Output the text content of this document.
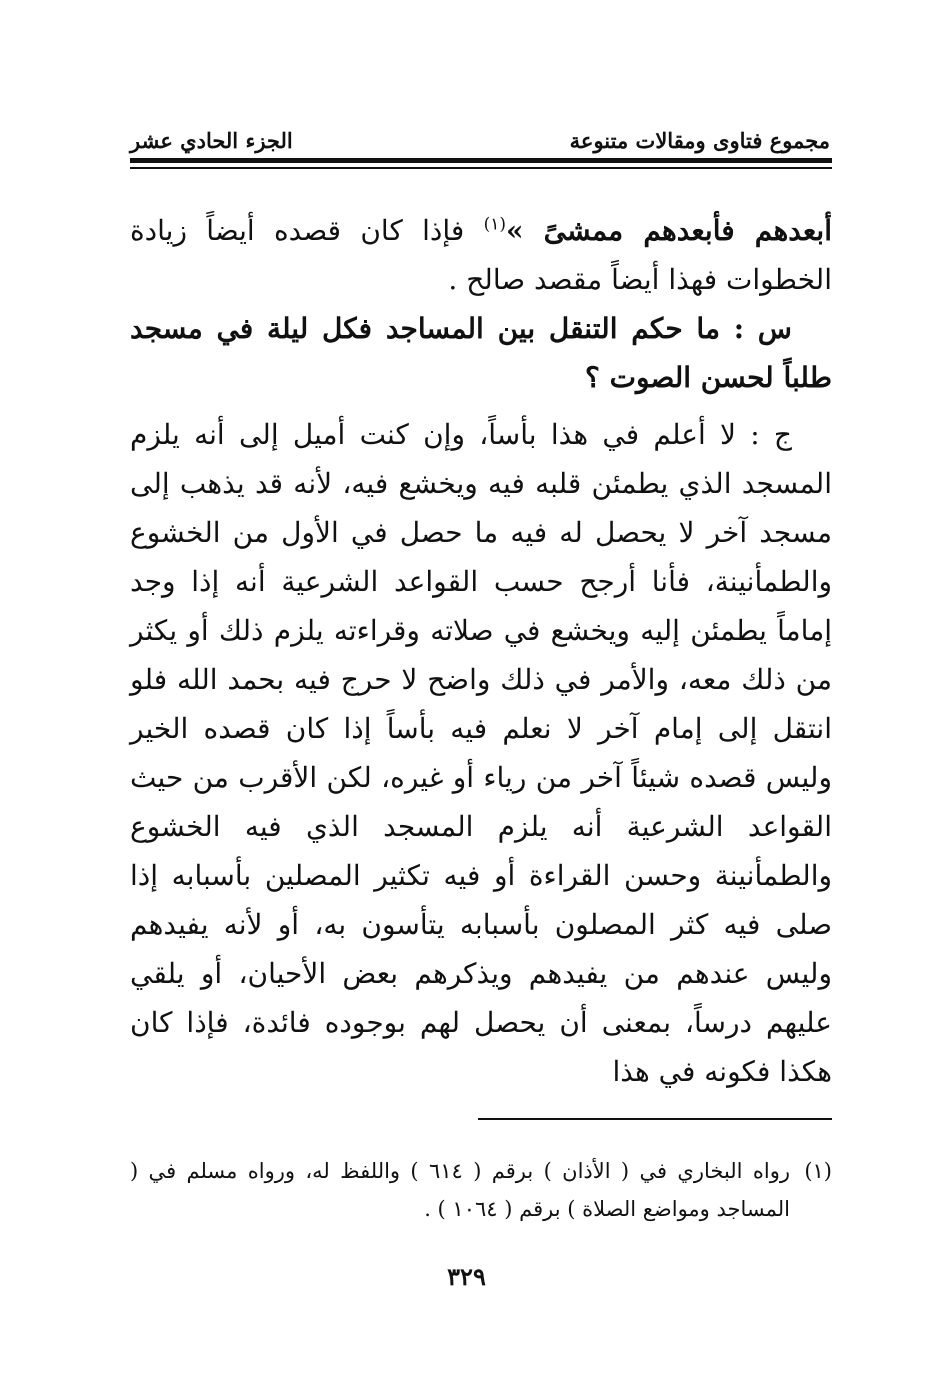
مجموع فتاوى ومقالات متنوعة
الجزء الحادي عشر

أبعدهم فأبعدهم ممشىً »$^{(١)}$ فإذا كان قصده أيضاً زيادة الخطوات فهذا أيضاً مقصد صالح .

س : ما حكم التنقل بين المساجد فكل ليلة في مسجد طلباً لحسن الصوت ؟

ج : لا أعلم في هذا بأساً، وإن كنت أميل إلى أنه يلزم المسجد الذي يطمئن قلبه فيه ويخشع فيه، لأنه قد يذهب إلى مسجد آخر لا يحصل له فيه ما حصل في الأول من الخشوع والطمأنينة، فأنا أرجح حسب القواعد الشرعية أنه إذا وجد إماماً يطمئن إليه ويخشع في صلاته وقراءته يلزم ذلك أو يكثر من ذلك معه، والأمر في ذلك واضح لا حرج فيه بحمد الله فلو انتقل إلى إمام آخر لا نعلم فيه بأساً إذا كان قصده الخير وليس قصده شيئاً آخر من رياء أو غيره، لكن الأقرب من حيث القواعد الشرعية أنه يلزم المسجد الذي فيه الخشوع والطمأنينة وحسن القراءة أو فيه تكثير المصلين بأسبابه إذا صلى فيه كثر المصلون بأسبابه يتأسون به، أو لأنه يفيدهم وليس عندهم من يفيدهم ويذكرهم بعض الأحيان، أو يلقي عليهم درساً، بمعنى أن يحصل لهم بوجوده فائدة، فإذا كان هكذا فكونه في هذا

(١)
رواه البخاري في ( الأذان ) برقم ( ٦١٤ ) واللفظ له، ورواه مسلم في ( المساجد ومواضع الصلاة ) برقم ( ١٠٦٤ ) .
٣٢٩
